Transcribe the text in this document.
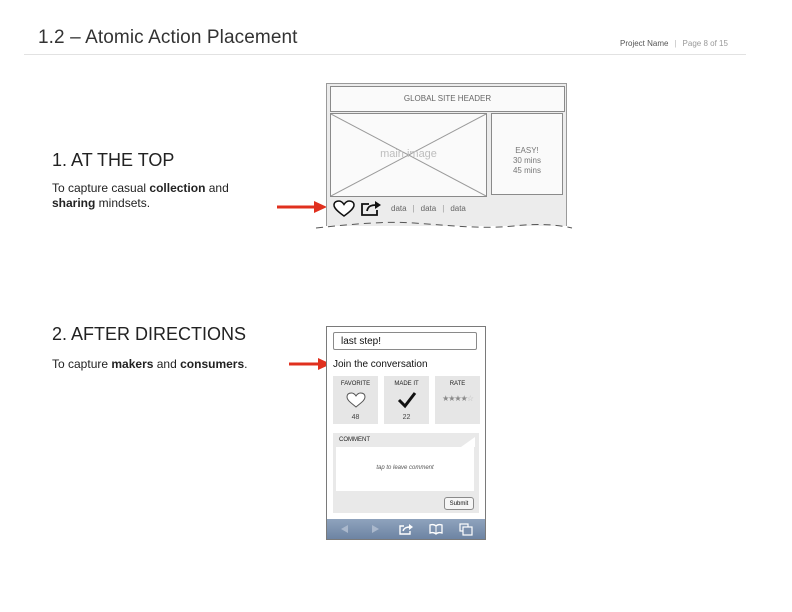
1.2 – Atomic Action Placement	Project Name | Page 8 of 15
1. AT THE TOP
To capture casual collection and
sharing mindsets.
GLOBAL SITE HEADER
main image	EASY!
30 mins
45 mins
data | data | data
2. AFTER DIRECTIONS
To capture makers and consumers.
last step!
Join the conversation
FAVORITE
48
MADE IT
22
RATE
★★★★☆
COMMENT
tap to leave comment
Submit
